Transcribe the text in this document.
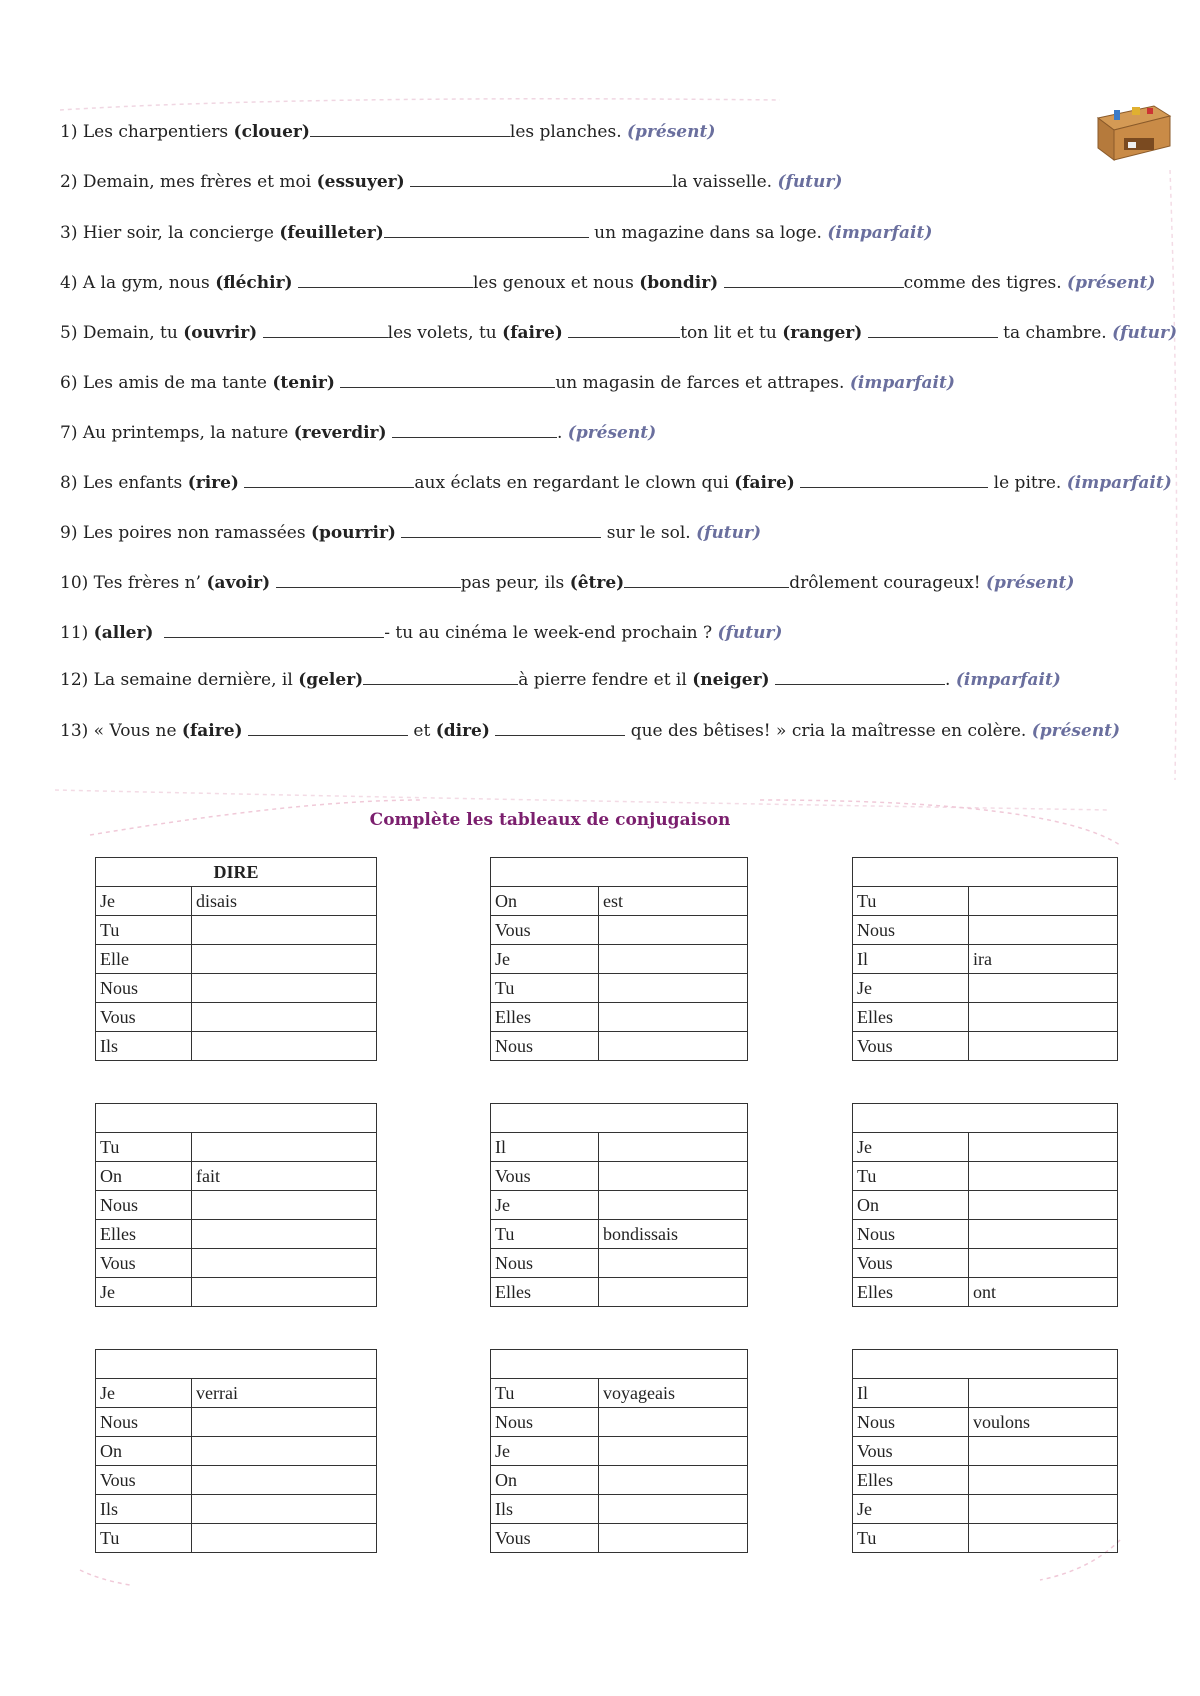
1) Les charpentiers (clouer)	les planches. (présent)
2) Demain, mes frères et moi (essuyer)	la vaisselle. (futur)
3) Hier soir, la concierge (feuilleter)	un magazine dans sa loge. (imparfait)
4) A la gym, nous (fléchir)	les genoux et nous (bondir)	comme des tigres. (présent)
5) Demain, tu (ouvrir)	les volets, tu (faire)	ton lit et tu (ranger)	ta chambre. (futur)
6) Les amis de ma tante (tenir)	un magasin de farces et attrapes. (imparfait)
7) Au printemps, la nature (reverdir)	. (présent)
8) Les enfants (rire)	aux éclats en regardant le clown qui (faire)	le pitre. (imparfait)
9) Les poires non ramassées (pourrir)	sur le sol. (futur)
10) Tes frères n’ (avoir)	pas peur, ils (être)	drôlement courageux! (présent)
11) (aller)	- tu au cinéma le week-end prochain ? (futur)
12) La semaine dernière, il (geler)	à pierre fendre et il (neiger)	. (imparfait)
13) « Vous ne (faire)	et (dire)	que des bêtises! » cria la maîtresse en colère. (présent)
Complète les tableaux de conjugaison
DIRE	
Je	disais
Tu	
Elle	
Nous	
Vous	
Ils	

On	est
Vous	
Je	
Tu	
Elles	
Nous	

Tu	
Nous	
Il	ira
Je	
Elles	
Vous	

Tu	
On	fait
Nous	
Elles	
Vous	
Je	

Il	
Vous	
Je	
Tu	bondissais
Nous	
Elles	

Je	
Tu	
On	
Nous	
Vous	
Elles	ont

Je	verrai
Nous	
On	
Vous	
Ils	
Tu	

Tu	voyageais
Nous	
Je	
On	
Ils	
Vous	

Il	
Nous	voulons
Vous	
Elles	
Je	
Tu	
